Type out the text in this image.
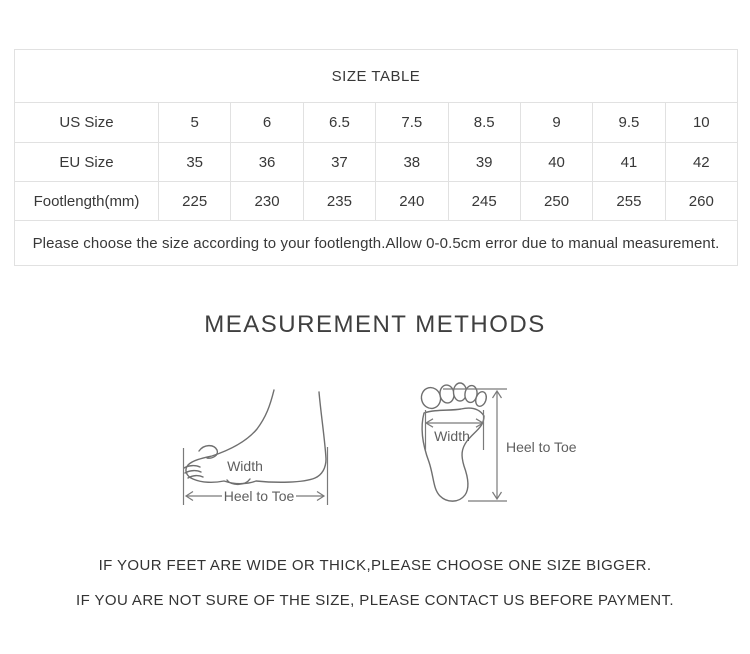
SIZE TABLE								
US Size	5	6	6.5	7.5	8.5	9	9.5	10
EU Size	35	36	37	38	39	40	41	42
Footlength(mm)	225	230	235	240	245	250	255	260
Please choose the size according to your footlength.Allow 0-0.5cm error due to manual measurement.								
MEASUREMENT METHODS
Width
Heel to Toe
Width
Heel to Toe
IF YOUR FEET ARE WIDE OR THICK,PLEASE CHOOSE ONE SIZE BIGGER.
IF YOU ARE NOT SURE OF THE SIZE, PLEASE CONTACT US BEFORE PAYMENT.
